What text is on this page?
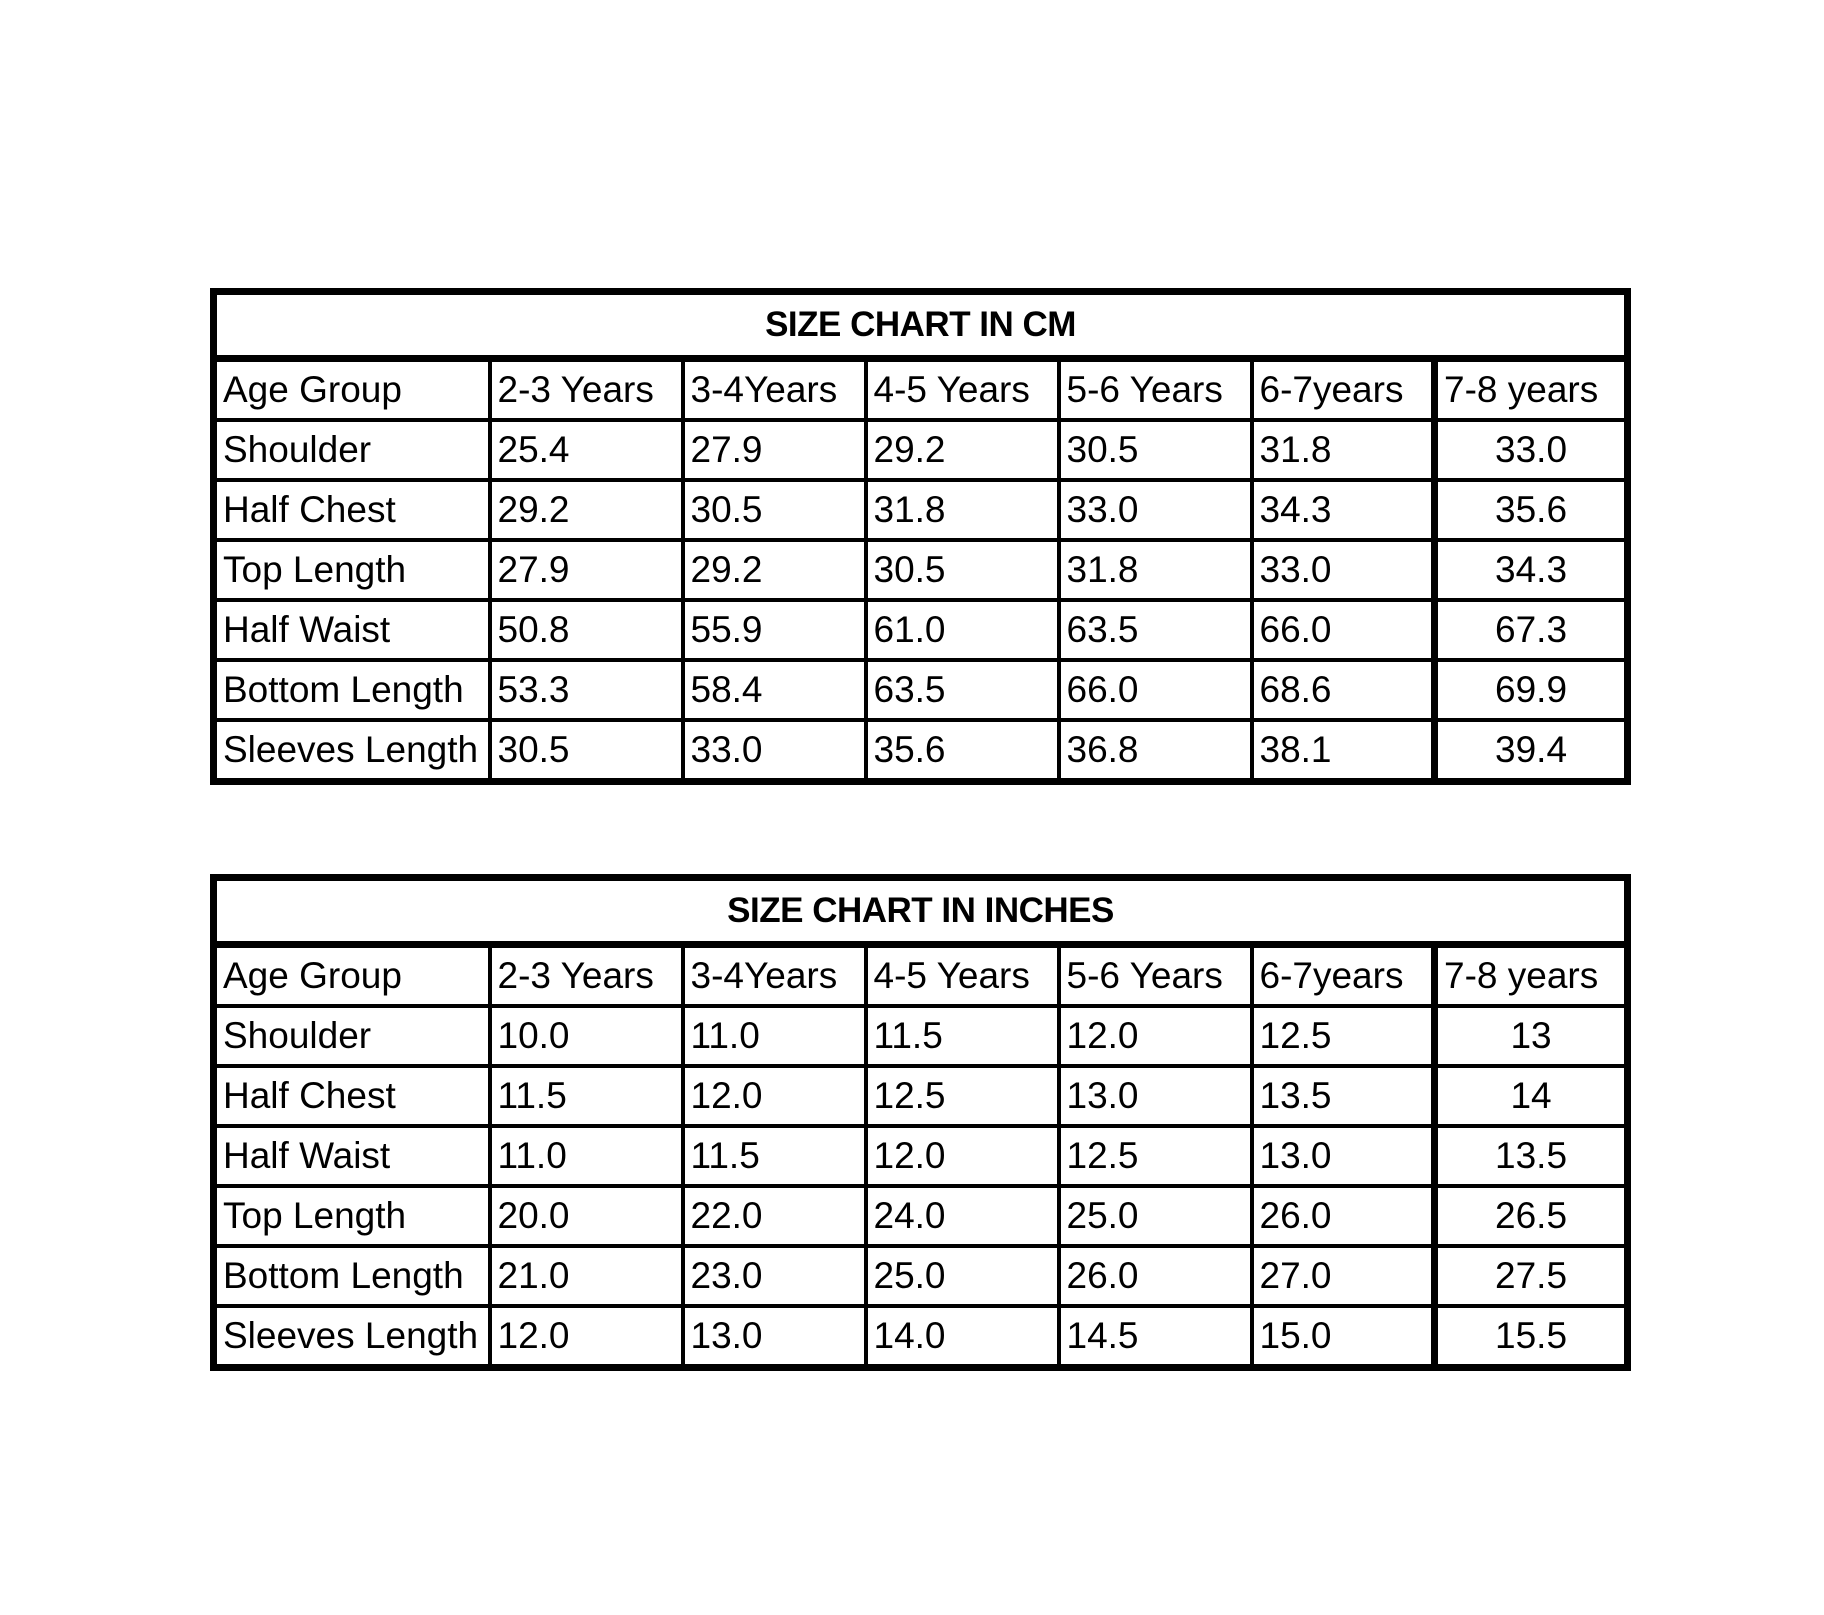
SIZE CHART IN CM						
Age Group	2-3 Years	3-4Years	4-5 Years	5-6 Years	6-7years	7-8 years
Shoulder	25.4	27.9	29.2	30.5	31.8	33.0
Half Chest	29.2	30.5	31.8	33.0	34.3	35.6
Top Length	27.9	29.2	30.5	31.8	33.0	34.3
Half Waist	50.8	55.9	61.0	63.5	66.0	67.3
Bottom Length	53.3	58.4	63.5	66.0	68.6	69.9
Sleeves Length	30.5	33.0	35.6	36.8	38.1	39.4
SIZE CHART IN INCHES						
Age Group	2-3 Years	3-4Years	4-5 Years	5-6 Years	6-7years	7-8 years
Shoulder	10.0	11.0	11.5	12.0	12.5	13
Half Chest	11.5	12.0	12.5	13.0	13.5	14
Half Waist	11.0	11.5	12.0	12.5	13.0	13.5
Top Length	20.0	22.0	24.0	25.0	26.0	26.5
Bottom Length	21.0	23.0	25.0	26.0	27.0	27.5
Sleeves Length	12.0	13.0	14.0	14.5	15.0	15.5
